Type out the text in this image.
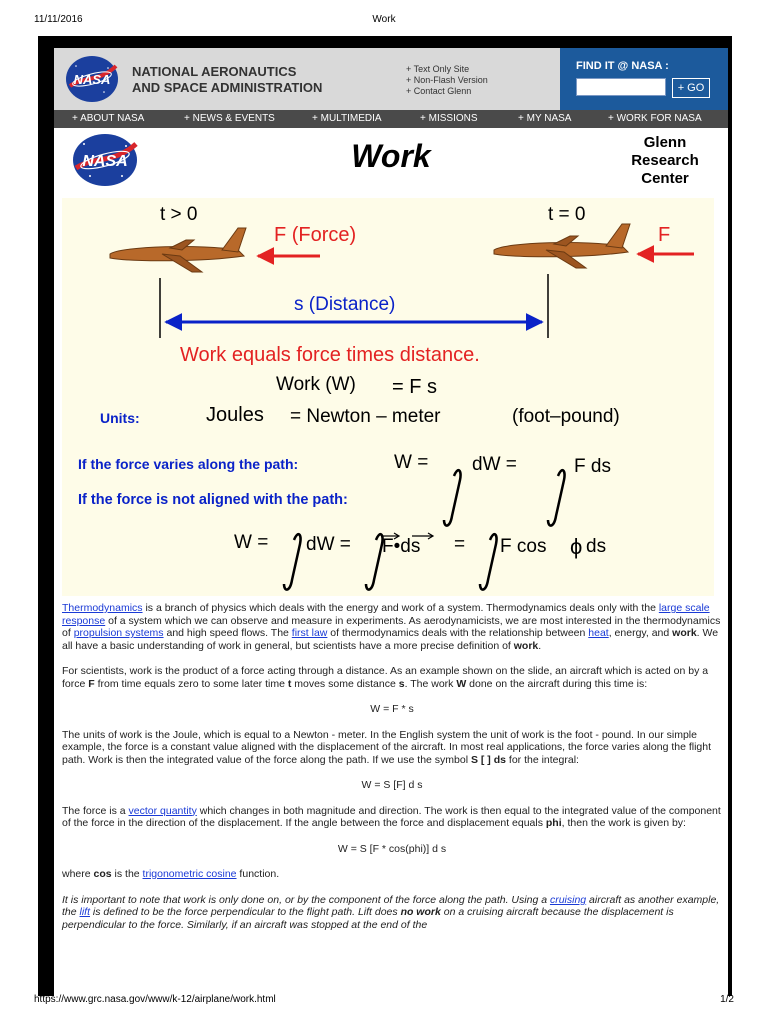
11/11/2016	Work
NASA
NATIONAL AERONAUTICS
AND SPACE ADMINISTRATION
+ Text Only Site
+ Non-Flash Version
+ Contact Glenn
FIND IT @ NASA :
+ GO
+ ABOUT NASA	+ NEWS & EVENTS	+ MULTIMEDIA	+ MISSIONS	+ MY NASA	+ WORK FOR NASA
NASA	Work	Glenn
Research
Center
t > 0	t = 0
F (Force)	F
s (Distance)
Work equals force times distance.
Work (W) = F s
Units:	Joules = Newton – meter	(foot–pound)
If the force varies along the path:	W = dW =	F ds
If the force is not aligned with the path:
W = dW = F•ds = F cos ϕ ds

Thermodynamics is a branch of physics which deals with the energy and work of a system. Thermodynamics deals only with the large scale response of a system which we can observe and measure in experiments. As aerodynamicists, we are most interested in the thermodynamics of propulsion systems and high speed flows. The first law of thermodynamics deals with the relationship between heat, energy, and work. We all have a basic understanding of work in general, but scientists have a more precise definition of work.

For scientists, work is the product of a force acting through a distance. As an example shown on the slide, an aircraft which is acted on by a force F from time equals zero to some later time t moves some distance s. The work W done on the aircraft during this time is:

W = F * s

The units of work is the Joule, which is equal to a Newton - meter. In the English system the unit of work is the foot - pound. In our simple example, the force is a constant value aligned with the displacement of the aircraft. In most real applications, the force varies along the flight path. Work is then the integrated value of the force along the path. If we use the symbol S [ ] ds for the integral:

W = S [F] d s

The force is a vector quantity which changes in both magnitude and direction. The work is then equal to the integrated value of the component of the force in the direction of the displacement. If the angle between the force and displacement equals phi, then the work is given by:

W = S [F * cos(phi)] d s

where cos is the trigonometric cosine function.

It is important to note that work is only done on, or by the component of the force along the path. Using a cruising aircraft as another example, the lift is defined to be the force perpendicular to the flight path. Lift does no work on a cruising aircraft because the displacement is perpendicular to the force. Similarly, if an aircraft was stopped at the end of the

https://www.grc.nasa.gov/www/k-12/airplane/work.html	1/2
